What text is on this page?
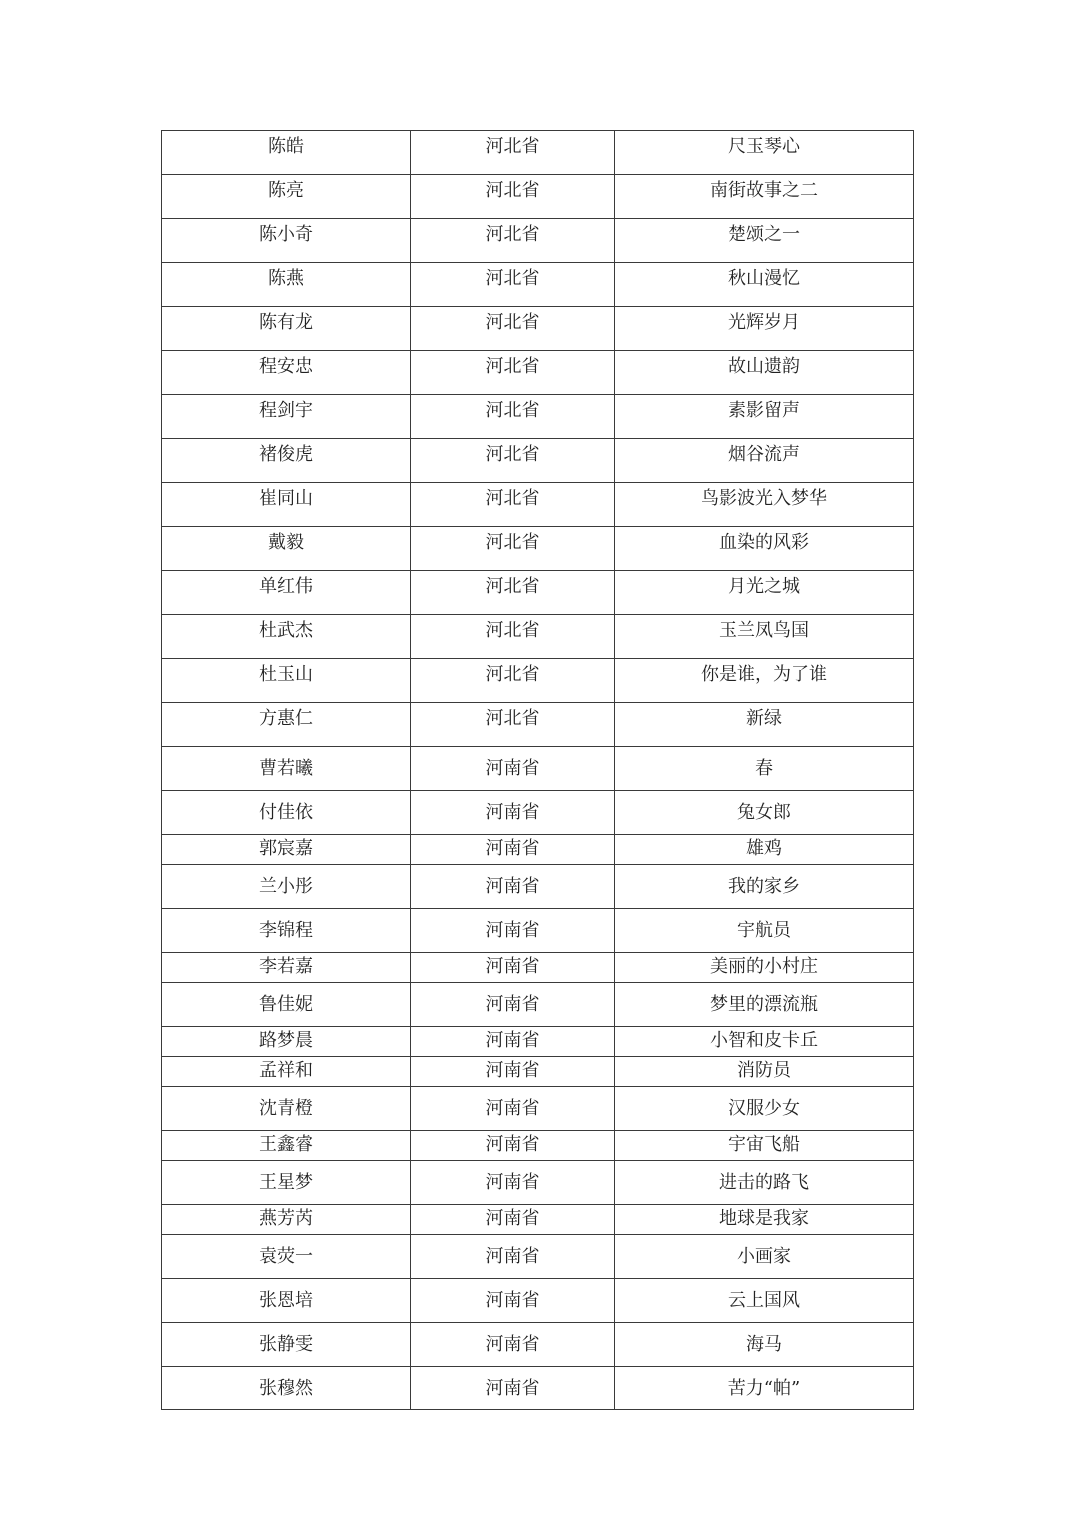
陈皓	河北省	尺玉琴心

陈亮	河北省	南街故事之二

陈小奇	河北省	楚颂之一

陈燕	河北省	秋山漫忆

陈有龙	河北省	光辉岁月

程安忠	河北省	故山遗韵

程剑宇	河北省	素影留声

褚俊虎	河北省	烟谷流声

崔同山	河北省	鸟影波光入梦华

戴毅	河北省	血染的风彩

单红伟	河北省	月光之城

杜武杰	河北省	玉兰凤鸟国

杜玉山	河北省	你是谁，为了谁

方惠仁	河北省	新绿

曹若曦	河南省	春

付佳依	河南省	兔女郎

郭宸嘉	河南省	雄鸡

兰小彤	河南省	我的家乡

李锦程	河南省	宇航员

李若嘉	河南省	美丽的小村庄

鲁佳妮	河南省	梦里的漂流瓶

路梦晨	河南省	小智和皮卡丘

孟祥和	河南省	消防员

沈青橙	河南省	汉服少女

王鑫睿	河南省	宇宙飞船

王星梦	河南省	进击的路飞

燕芳芮	河南省	地球是我家

袁荧一	河南省	小画家

张恩培	河南省	云上国风

张静雯	河南省	海马

张穆然	河南省	苦力“帕”
